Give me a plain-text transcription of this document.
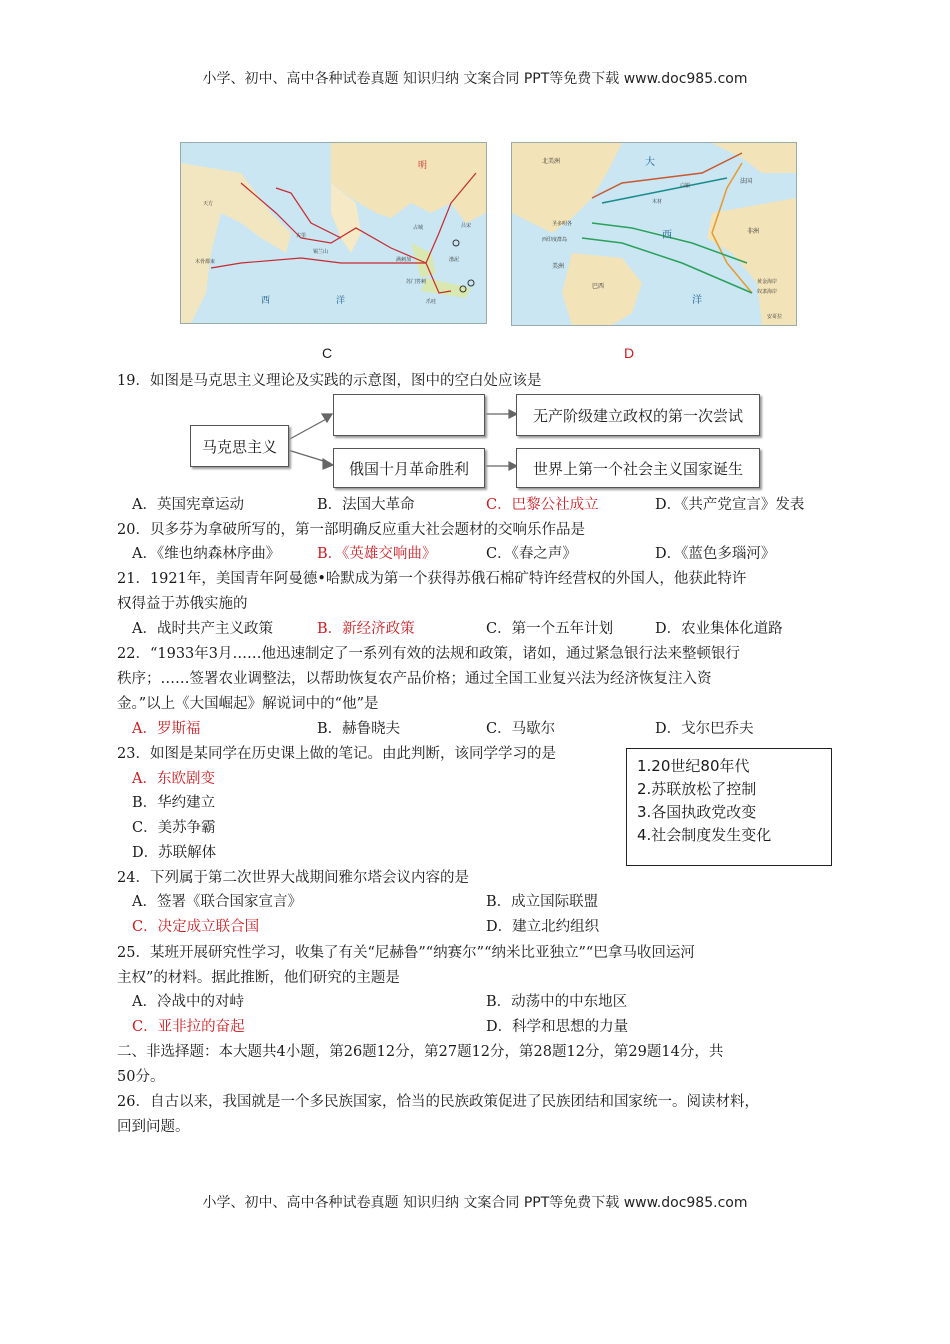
小学、初中、高中各种试卷真题 知识归纳 文案合同 PPT等免费下载 www.doc985.com
明
西	洋
天方
木骨都束
古里
锡兰山
满剌加
苏门答剌
爪哇
占城
渤泥
吕宋
C
大
西
洋
北美洲
美洲
巴西
法国
非洲
白银
木材
黄金海岸
奴隶海岸
安哥拉
圣多明各
西印度群岛
D
19．如图是马克思主义理论及实践的示意图，图中的空白处应该是
马克思主义
俄国十月革命胜利
无产阶级建立政权的第一次尝试
世界上第一个社会主义国家诞生
A．英国宪章运动	B．法国大革命	C．巴黎公社成立	D．《共产党宣言》发表
20．贝多芬为拿破所写的，第一部明确反应重大社会题材的交响乐作品是
A．《维也纳森林序曲》	B．《英雄交响曲》	C．《春之声》	D．《蓝色多瑙河》
21．1921年，美国青年阿曼德•哈默成为第一个获得苏俄石棉矿特许经营权的外国人，他获此特许
权得益于苏俄实施的
A．战时共产主义政策	B．新经济政策	C．第一个五年计划	D．农业集体化道路
22．“1933年3月……他迅速制定了一系列有效的法规和政策，诸如，通过紧急银行法来整顿银行
秩序；……签署农业调整法，以帮助恢复农产品价格；通过全国工业复兴法为经济恢复注入资
金。”以上《大国崛起》解说词中的“他”是
A．罗斯福	B．赫鲁晓夫	C．马歇尔	D．戈尔巴乔夫
23．如图是某同学在历史课上做的笔记。由此判断，该同学学习的是
A．东欧剧变
B．华约建立
C．美苏争霸
D．苏联解体
1.20世纪80年代
2.苏联放松了控制
3.各国执政党改变
4.社会制度发生变化
24．下列属于第二次世界大战期间雅尔塔会议内容的是
A．签署《联合国家宣言》	B．成立国际联盟
C．决定成立联合国	D．建立北约组织
25．某班开展研究性学习，收集了有关“尼赫鲁”“纳赛尔”“纳米比亚独立”“巴拿马收回运河
主权”的材料。据此推断，他们研究的主题是
A．冷战中的对峙	B．动荡中的中东地区
C．亚非拉的奋起	D．科学和思想的力量
二、非选择题：本大题共4小题，第26题12分，第27题12分，第28题12分，第29题14分，共
50分。
26．自古以来，我国就是一个多民族国家，恰当的民族政策促进了民族团结和国家统一。阅读材料，
回到问题。
小学、初中、高中各种试卷真题 知识归纳 文案合同 PPT等免费下载 www.doc985.com
